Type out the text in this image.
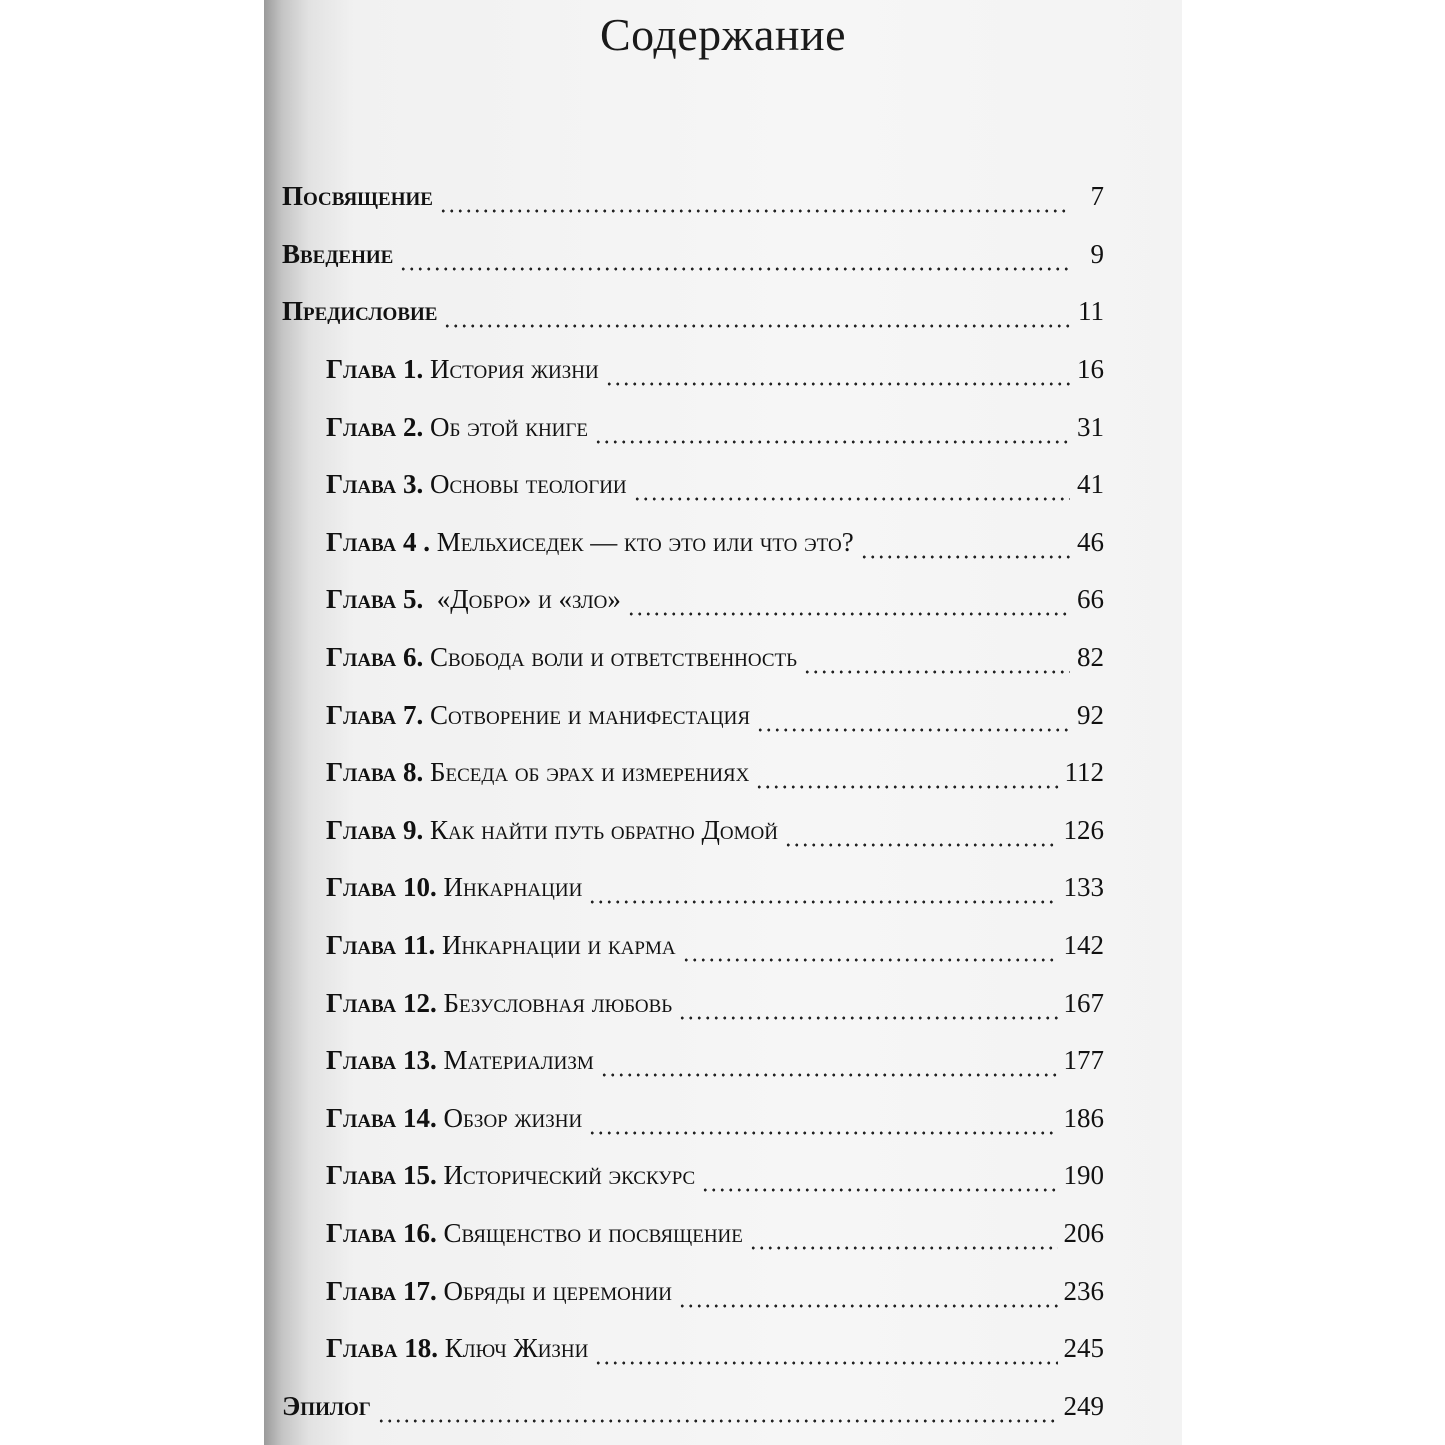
Содержание
Посвящение	7
Введение	9
Предисловие	11
Глава 1. История жизни	16
Глава 2. Об этой книге	31
Глава 3. Основы теологии	41
Глава 4 . Мельхиседек — кто это или что это?	46
Глава 5.  «Добро» и «зло»	66
Глава 6. Свобода воли и ответственность	82
Глава 7. Сотворение и манифестация	92
Глава 8. Беседа об эрах и измерениях	112
Глава 9. Как найти путь обратно Домой	126
Глава 10. Инкарнации	133
Глава 11. Инкарнации и карма	142
Глава 12. Безусловная любовь	167
Глава 13. Материализм	177
Глава 14. Обзор жизни	186
Глава 15. Исторический экскурс	190
Глава 16. Священство и посвящение	206
Глава 17. Обряды и церемонии	236
Главa 18. Ключ Жизни	245
Эпилог	249
